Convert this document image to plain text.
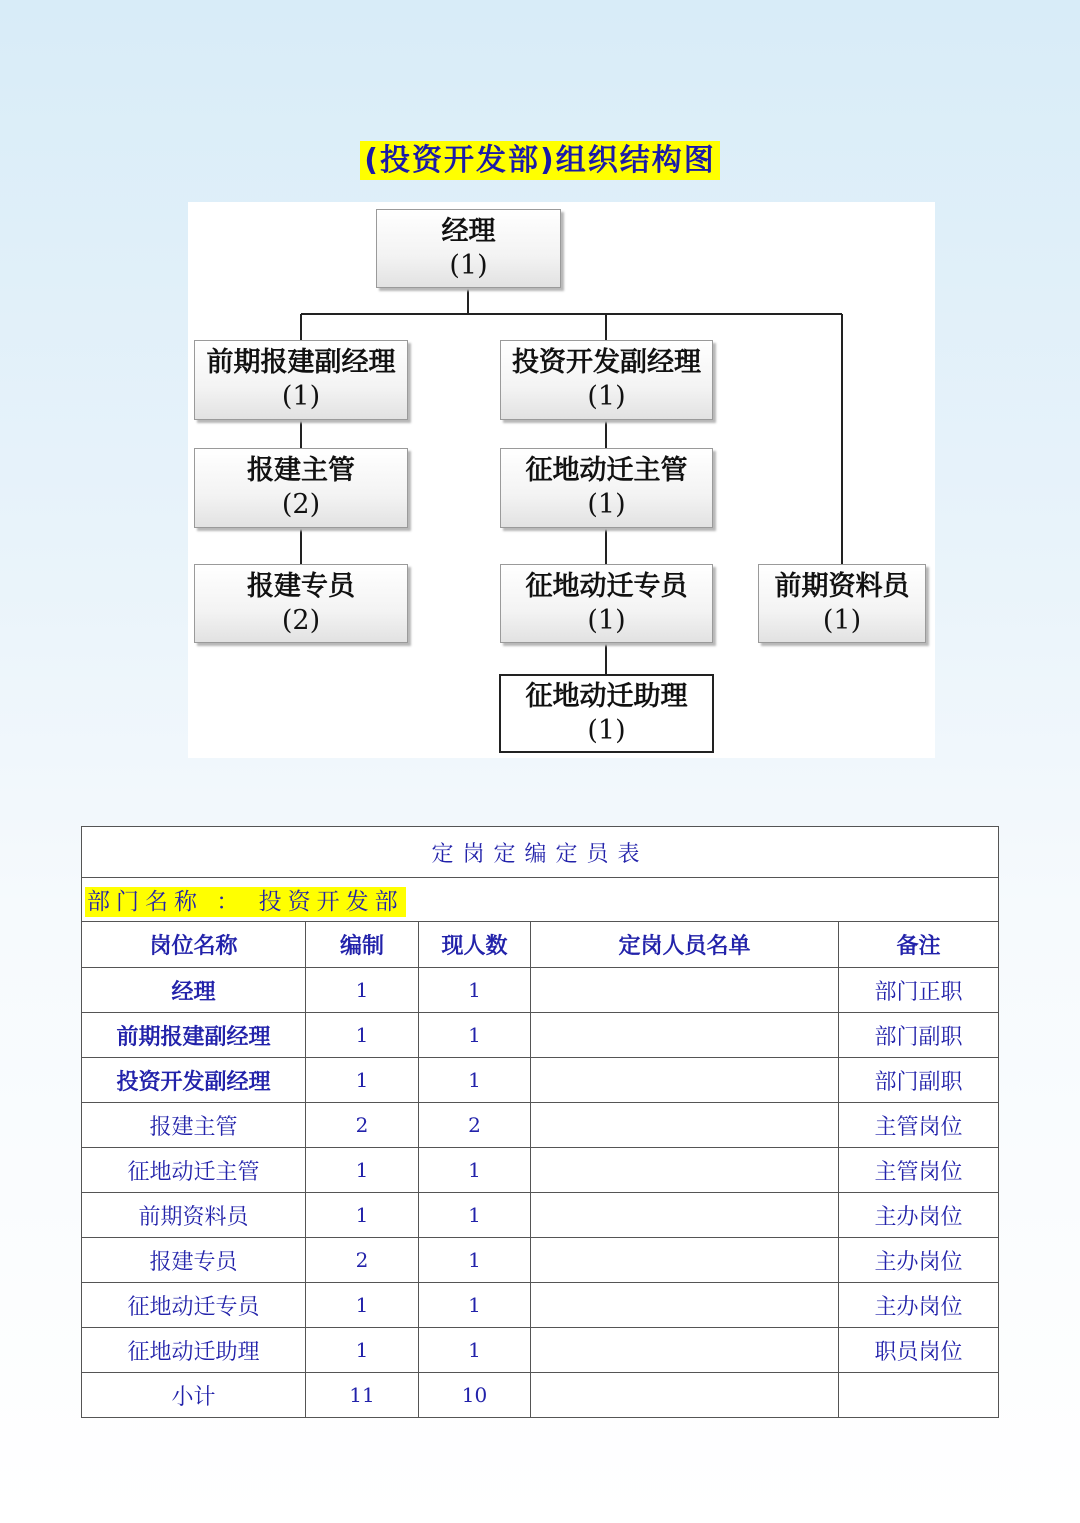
(投资开发部)组织结构图
经理
(1)
前期报建副经理
(1)
投资开发副经理
(1)
报建主管
(2)
征地动迁主管
(1)
报建专员
(2)
征地动迁专员
(1)
前期资料员
(1)
征地动迁助理
(1)
定岗定编定员表				
部门名称 ： 投资开发部				
岗位名称	编制	现人数	定岗人员名单	备注
经理	1	1		部门正职
前期报建副经理	1	1		部门副职
投资开发副经理	1	1		部门副职
报建主管	2	2		主管岗位
征地动迁主管	1	1		主管岗位
前期资料员	1	1		主办岗位
报建专员	2	1		主办岗位
征地动迁专员	1	1		主办岗位
征地动迁助理	1	1		职员岗位
小计	11	10		
